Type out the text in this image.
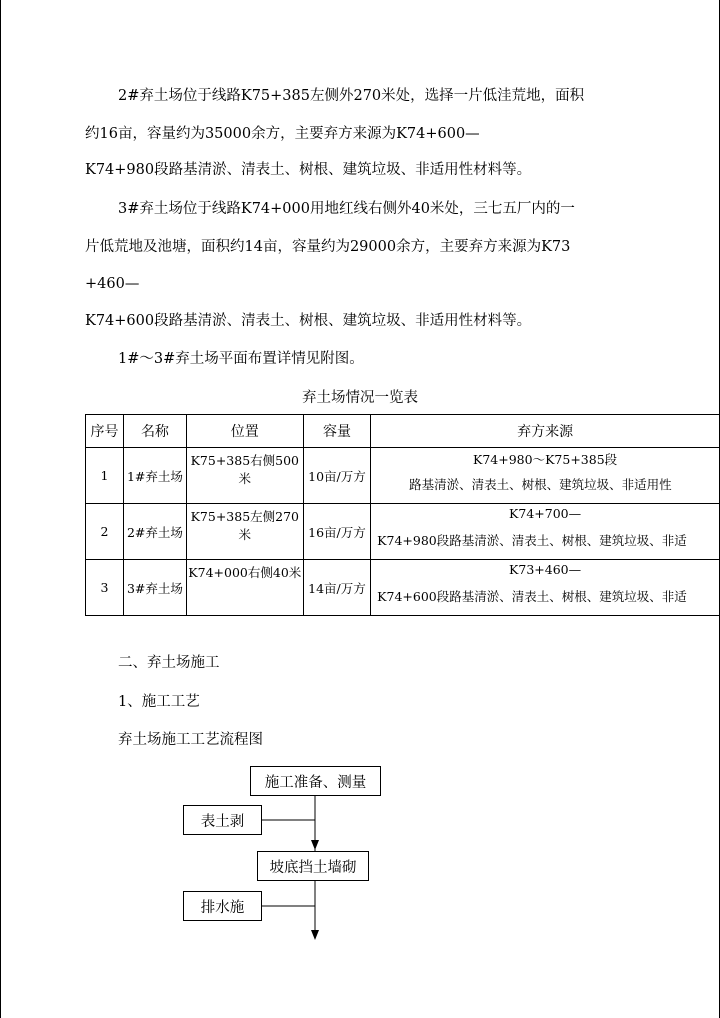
2#弃土场位于线路K75+385左侧外270米处，选择一片低洼荒地，面积
约16亩，容量约为35000余方，主要弃方来源为K74+600—
K74+980段路基清淤、清表土、树根、建筑垃圾、非适用性材料等。
3#弃土场位于线路K74+000用地红线右侧外40米处，三七五厂内的一
片低荒地及池塘，面积约14亩，容量约为29000余方，主要弃方来源为K73
+460—
K74+600段路基清淤、清表土、树根、建筑垃圾、非适用性材料等。
1#～3#弃土场平面布置详情见附图。
弃土场情况一览表
序号	名称	位置	容量	弃方来源
1	1#弃土场	K75+385右侧500米	10亩/万方	K74+980～K75+385段
路基清淤、清表土、树根、建筑垃圾、非适用性

2	2#弃土场	K75+385左侧270米	16亩/万方	K74+700—
K74+980段路基清淤、清表土、树根、建筑垃圾、非适

3	3#弃土场	K74+000右侧40米	14亩/万方	K73+460—
K74+600段路基清淤、清表土、树根、建筑垃圾、非适
二、弃土场施工
1、施工工艺
弃土场施工工艺流程图
施工准备、测量
表土剥
坡底挡土墙砌
排水施
